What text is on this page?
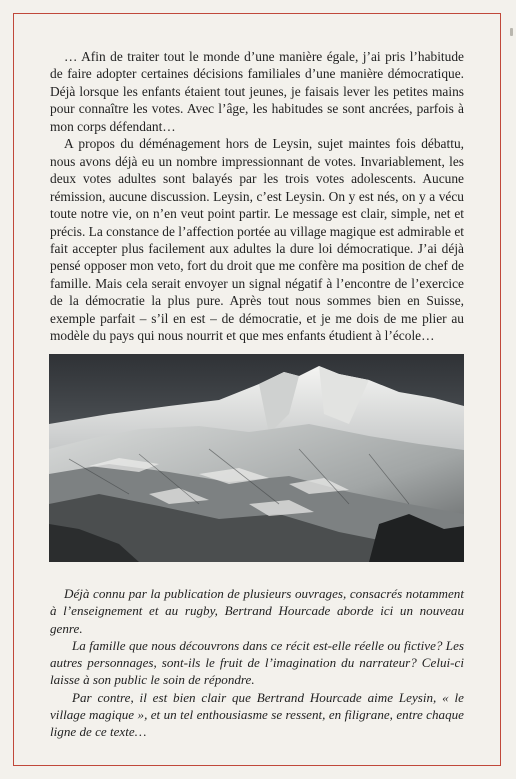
… Afin de traiter tout le monde d’une manière égale, j’ai pris l’habitude de faire adopter certaines décisions familiales d’une manière démocratique. Déjà lorsque les enfants étaient tout jeunes, je faisais lever les petites mains pour connaître les votes. Avec l’âge, les habitudes se sont ancrées, parfois à mon corps défendant…

A propos du déménagement hors de Leysin, sujet maintes fois débattu, nous avons déjà eu un nombre impressionnant de votes. Invariablement, les deux votes adultes sont balayés par les trois votes adolescents. Aucune rémission, aucune discussion. Leysin, c’est Leysin. On y est nés, on y a vécu toute notre vie, on n’en veut point partir. Le message est clair, simple, net et précis. La constance de l’affection portée au village magique est admirable et fait accepter plus facilement aux adultes la dure loi démocratique. J’ai déjà pensé opposer mon veto, fort du droit que me confère ma position de chef de famille. Mais cela serait envoyer un signal négatif à l’encontre de l’exercice de la démocratie la plus pure. Après tout nous sommes bien en Suisse, exemple parfait – s’il en est – de démocratie, et je me dois de me plier au modèle du pays qui nous nourrit et que mes enfants étudient à l’école…

Déjà connu par la publication de plusieurs ouvrages, consacrés notamment à l’enseignement et au rugby, Bertrand Hourcade aborde ici un nouveau genre.

La famille que nous découvrons dans ce récit est-elle réelle ou fictive? Les autres personnages, sont-ils le fruit de l’imagination du narrateur? Celui-ci laisse à son public le soin de répondre.

Par contre, il est bien clair que Bertrand Hourcade aime Leysin, « le village magique », et un tel enthousiasme se ressent, en filigrane, entre chaque ligne de ce texte…
